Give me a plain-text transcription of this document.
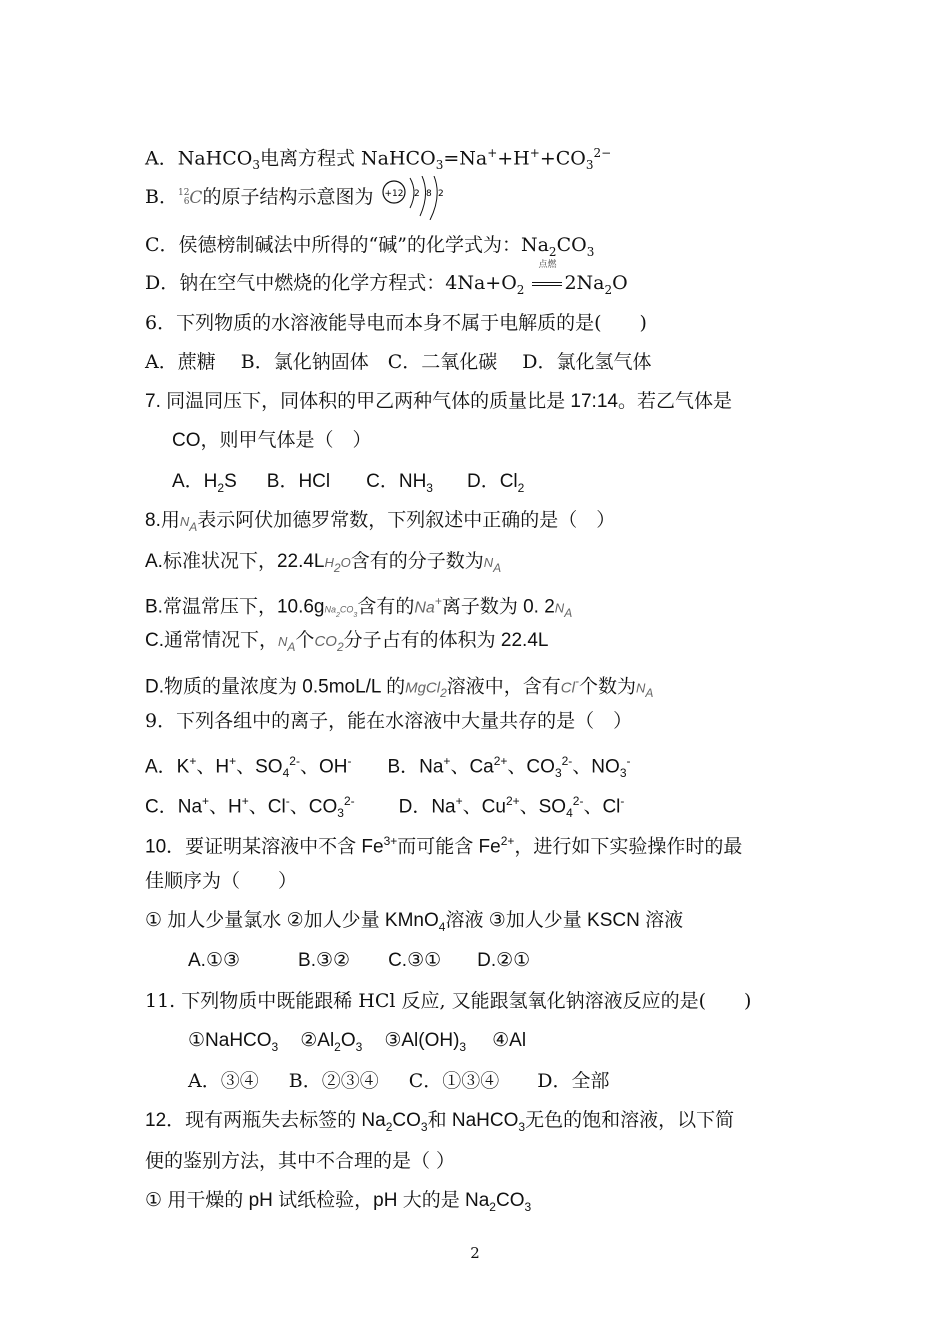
A．NaHCO$_3$电离方程式 $NaHCO_3=Na^++H^++CO_3^{2-}$
B．12
6C的原子结构示意图为 +12 2 8 2
C．侯德榜制碱法中所得的“碱”的化学式为：$Na_2CO_3$
D．钠在空气中燃烧的化学方程式：$4Na+O_2$
点燃
$2Na_2O$
6．下列物质的水溶液能导电而本身不属于电解质的是(　　)
A．蔗糖　 B．氯化钠固体　C．二氧化碳　 D．氯化氢气体
7. 同温同压下，同体积的甲乙两种气体的质量比是 17:14。若乙气体是
CO，则甲气体是（　）
A．$H_2S$ B．HCl C．$NH_3$ D．$Cl_2$
8.用$N_A$表示阿伏加德罗常数，下列叙述中正确的是（　）
A.标准状况下，$22.4LH_2O$含有的分子数为$N_A$
B.常温常压下，$10.6gNa_2CO_3$含有的Na+离子数为 0. $2N_A$
C.通常情况下，$N_A$个$CO_2$分子占有的体积为 22.4L
D.物质的量浓度为 0.5moL/L 的MgCl$_2$溶液中，含有Cl-个数为$N_A$
9．下列各组中的离子，能在水溶液中大量共存的是（　）
A．K+、H+、$SO_4^{2-}$、OH- B．Na+、$Ca^{2+}$、$CO_3^{2-}$、$NO_3^-$
C．Na+、H+、Cl-、$CO_3^{2-}$ D．Na+、$Cu^{2+}$、$SO_4^{2-}$、Cl-
10．要证明某溶液中不含 $Fe^{3+}$而可能含 $Fe^{2+}$，进行如下实验操作时的最
佳顺序为（　　）
① 加人少量氯水 ②加人少量 KMnO$_4$溶液 ③加人少量 KSCN 溶液
A.①③	B.③② C.③① D.②①
11. 下列物质中既能跟稀 HCl 反应, 又能跟氢氧化钠溶液反应的是(　　)
①NaHCO$_3$ $②Al_2O_3$ $③Al(OH)_3$ ④Al
A．③④ B．②③④ C．①③④ D．全部
12．现有两瓶失去标签的 $Na_2CO_3$和 NaHCO$_3$无色的饱和溶液，以下简
便的鉴别方法，其中不合理的是（ ）
① 用干燥的 pH 试纸检验，pH 大的是 $Na_2CO_3$
2
